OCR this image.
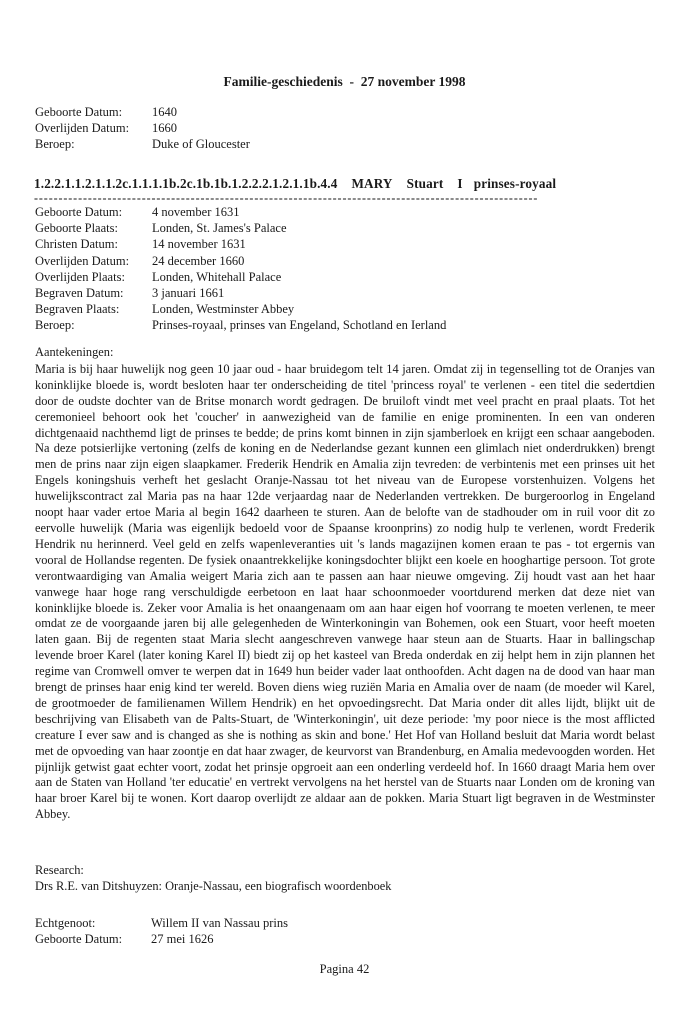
Familie-geschiedenis - 27 november 1998
Geboorte Datum:	1640
Overlijden Datum:	1660
Beroep:	Duke of Gloucester
1.2.2.1.1.2.1.1.2c.1.1.1.1b.2c.1b.1b.1.2.2.2.1.2.1.1b.4.4 MARY Stuart I prinses-royaal
-------------------------------------------------------------------------------------------------------
Geboorte Datum:	4 november 1631
Geboorte Plaats:	Londen, St. James's Palace
Christen Datum:	14 november 1631
Overlijden Datum:	24 december 1660
Overlijden Plaats:	Londen, Whitehall Palace
Begraven Datum:	3 januari 1661
Begraven Plaats:	Londen, Westminster Abbey
Beroep:	Prinses-royaal, prinses van Engeland, Schotland en Ierland
Aantekeningen:

Maria is bij haar huwelijk nog geen 10 jaar oud - haar bruidegom telt 14 jaren. Omdat zij in tegenselling tot de Oranjes van koninklijke bloede is, wordt besloten haar ter onderscheiding de titel 'princess royal' te verlenen - een titel die sedertdien door de oudste dochter van de Britse monarch wordt gedragen. De bruiloft vindt met veel pracht en praal plaats. Tot het ceremonieel behoort ook het 'coucher' in aanwezigheid van de familie en enige prominenten. In een van onderen dichtgenaaid nachthemd ligt de prinses te bedde; de prins komt binnen in zijn sjamberloek en krijgt een schaar aangeboden. Na deze potsierlijke vertoning (zelfs de koning en de Nederlandse gezant kunnen een glimlach niet onderdrukken) brengt men de prins naar zijn eigen slaapkamer. Frederik Hendrik en Amalia zijn tevreden: de verbintenis met een prinses uit het Engels koningshuis verheft het geslacht Oranje-Nassau tot het niveau van de Europese vorstenhuizen. Volgens het huwelijkscontract zal Maria pas na haar 12de verjaardag naar de Nederlanden vertrekken. De burgeroorlog in Engeland noopt haar vader ertoe Maria al begin 1642 daarheen te sturen. Aan de belofte van de stadhouder om in ruil voor dit zo eervolle huwelijk (Maria was eigenlijk bedoeld voor de Spaanse kroonprins) zo nodig hulp te verlenen, wordt Frederik Hendrik nu herinnerd. Veel geld en zelfs wapenleveranties uit 's lands magazijnen komen eraan te pas - tot ergernis van vooral de Hollandse regenten. De fysiek onaantrekkelijke koningsdochter blijkt een koele en hooghartige persoon. Tot grote verontwaardiging van Amalia weigert Maria zich aan te passen aan haar nieuwe omgeving. Zij houdt vast aan het haar vanwege haar hoge rang verschuldigde eerbetoon en laat haar schoonmoeder voortdurend merken dat deze niet van koninklijke bloede is. Zeker voor Amalia is het onaangenaam om aan haar eigen hof voorrang te moeten verlenen, te meer omdat ze de voorgaande jaren bij alle gelegenheden de Winterkoningin van Bohemen, ook een Stuart, voor heeft moeten laten gaan. Bij de regenten staat Maria slecht aangeschreven vanwege haar steun aan de Stuarts. Haar in ballingschap levende broer Karel (later koning Karel II) biedt zij op het kasteel van Breda onderdak en zij helpt hem in zijn plannen het regime van Cromwell omver te werpen dat in 1649 hun beider vader laat onthoofden. Acht dagen na de dood van haar man brengt de prinses haar enig kind ter wereld. Boven diens wieg ruziën Maria en Amalia over de naam (de moeder wil Karel, de grootmoeder de familienamen Willem Hendrik) en het opvoedingsrecht. Dat Maria onder dit alles lijdt, blijkt uit de beschrijving van Elisabeth van de Palts-Stuart, de 'Winterkoningin', uit deze periode: 'my poor niece is the most afflicted creature I ever saw and is changed as she is nothing as skin and bone.' Het Hof van Holland besluit dat Maria wordt belast met de opvoeding van haar zoontje en dat haar zwager, de keurvorst van Brandenburg, en Amalia medevoogden worden. Het pijnlijk getwist gaat echter voort, zodat het prinsje opgroeit aan een onderling verdeeld hof. In 1660 draagt Maria hem over aan de Staten van Holland 'ter educatie' en vertrekt vervolgens na het herstel van de Stuarts naar Londen om de kroning van haar broer Karel bij te wonen. Kort daarop overlijdt ze aldaar aan de pokken. Maria Stuart ligt begraven in de Westminster Abbey.

Research:
Drs R.E. van Ditshuyzen: Oranje-Nassau, een biografisch woordenboek
Echtgenoot:	Willem II van Nassau prins
Geboorte Datum:	27 mei 1626
Pagina 42
